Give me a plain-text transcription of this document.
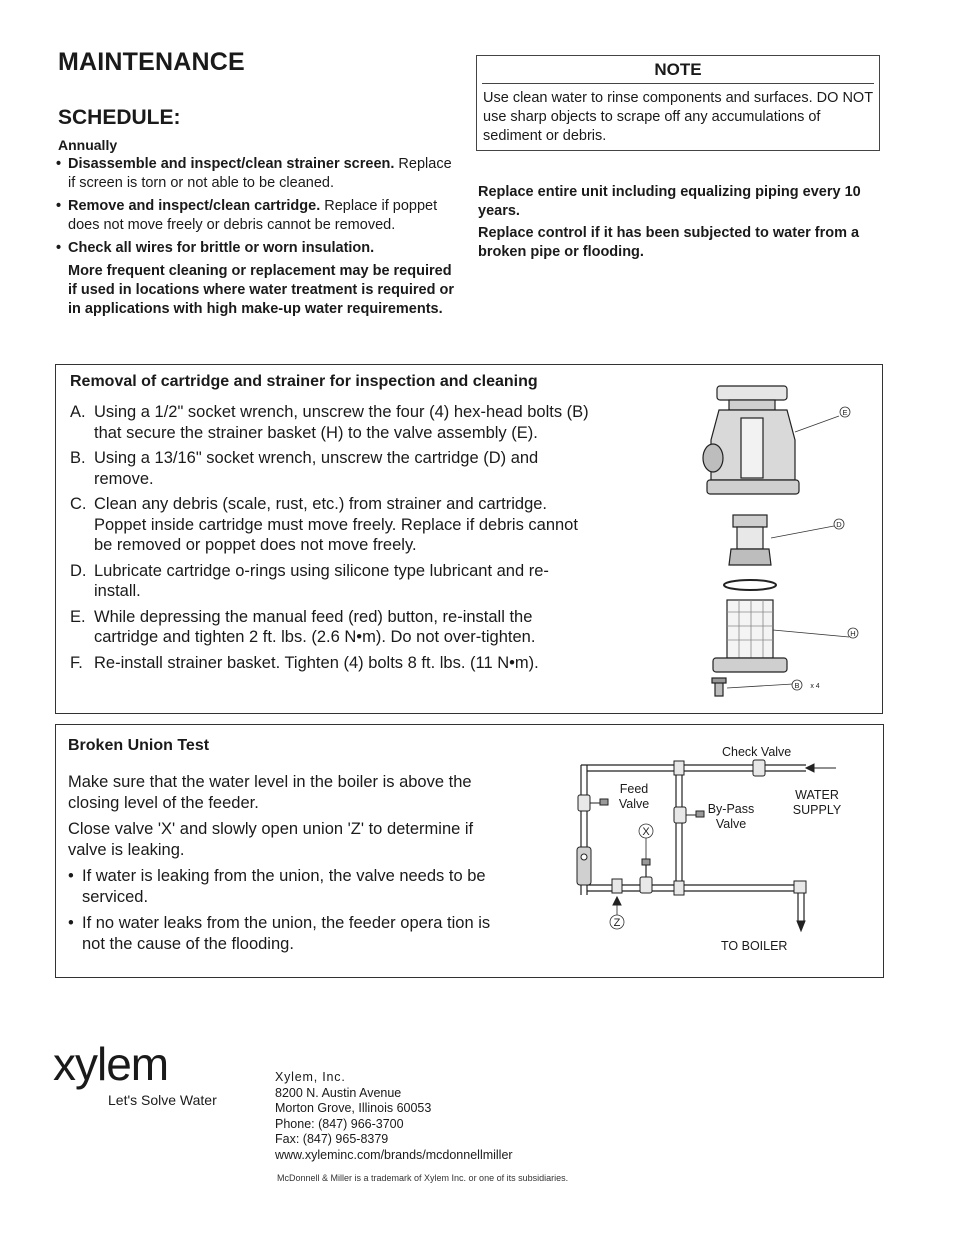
MAINTENANCE
SCHEDULE:
Annually
• Disassemble and inspect/clean strainer screen. Replace if screen is torn or not able to be cleaned.
• Remove and inspect/clean cartridge. Replace if poppet does not move freely or debris cannot be removed.
• Check all wires for brittle or worn insulation.
More frequent cleaning or replacement may be required if used in locations where water treatment is required or in applications with high make-up water requirements.
NOTE
Use clean water to rinse components and surfaces. DO NOT use sharp objects to scrape off any accumulations of sediment or debris.

Replace entire unit including equalizing piping every 10 years.

Replace control if it has been subjected to water from a broken pipe or flooding.

Removal of cartridge and strainer for inspection and cleaning
A. Using a 1/2" socket wrench, unscrew the four (4) hex-head bolts (B) that secure the strainer basket (H) to the valve assembly (E).
B. Using a 13/16" socket wrench, unscrew the cartridge (D) and remove.
C. Clean any debris (scale, rust, etc.) from strainer and cartridge. Poppet inside cartridge must move freely. Replace if debris cannot be removed or poppet does not move freely.
D. Lubricate cartridge o-rings using silicone type lubricant and re-install.
E. While depressing the manual feed (red) button, re-install the cartridge and tighten 2 ft. lbs. (2.6 N•m). Do not over-tighten.
F. Re-install strainer basket. Tighten (4) bolts 8 ft. lbs. (11 N•m).
E
D
H
B x 4
Broken Union Test

Make sure that the water level in the boiler is above the closing level of the feeder.

Close valve 'X' and slowly open union 'Z' to determine if valve is leaking.

• If water is leaking from the union, the valve needs to be serviced.
• If no water leaks from the union, the feeder opera tion is not the cause of the flooding.
X
Z
Check Valve
Feed
Valve	By-Pass
Valve
WATER
SUPPLY
TO BOILER
xylem
Let's Solve Water
Xylem, Inc.
8200 N. Austin Avenue
Morton Grove, Illinois 60053
Phone: (847) 966-3700
Fax: (847) 965-8379
www.xyleminc.com/brands/mcdonnellmiller
McDonnell & Miller is a trademark of Xylem Inc. or one of its subsidiaries.
